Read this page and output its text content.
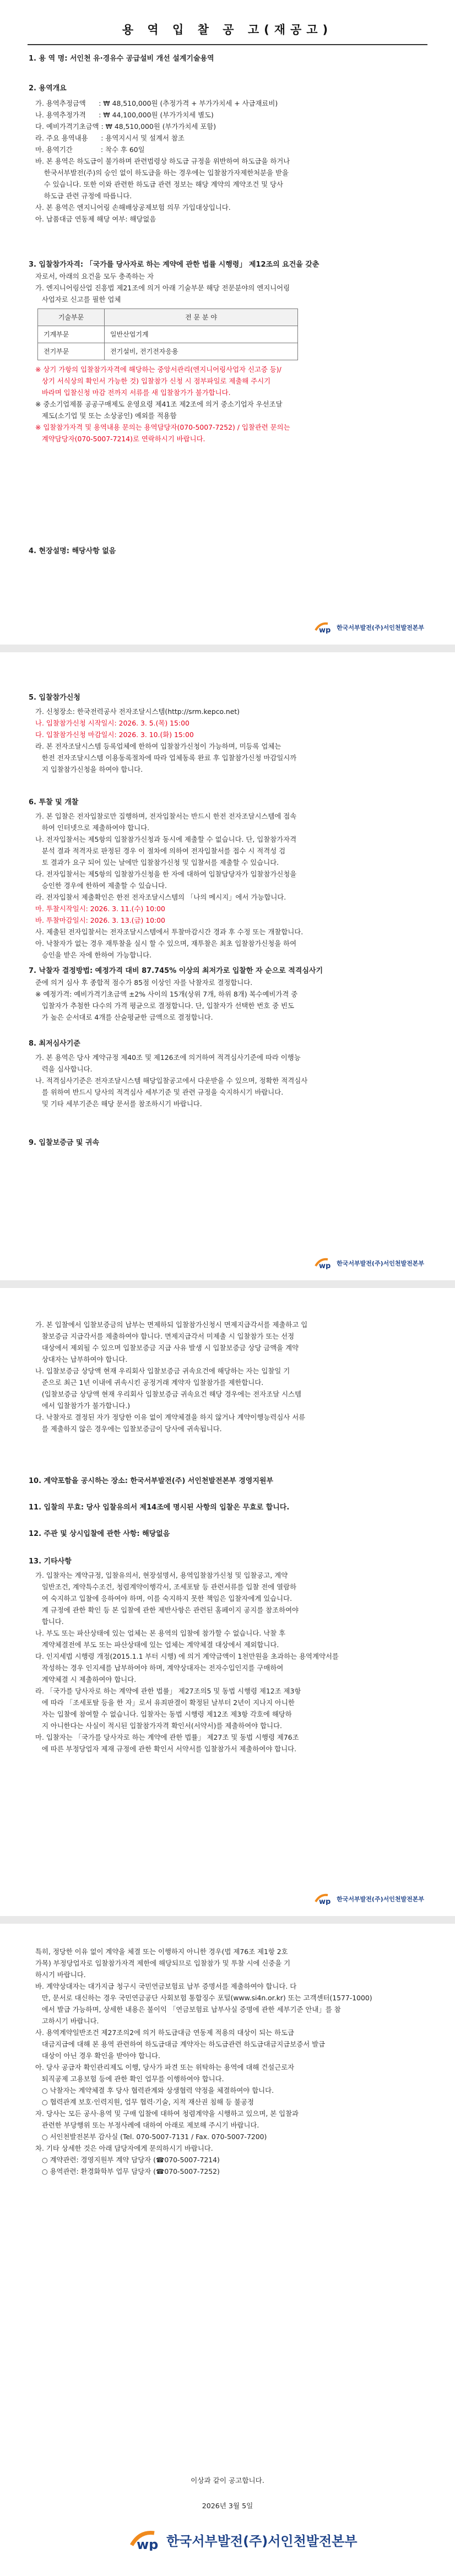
용 역 입 찰 공 고(재공고)

1. 용 역 명: 서인천 유·경유수 공급설비 개선 설계기술용역

2. 용역개요

가. 용역추정금액      : ₩ 48,510,000원 (추정가격 + 부가가치세 + 사급재료비)

나. 용역추정가격      : ₩ 44,100,000원 (부가가치세 별도)

다. 예비가격기초금액 : ₩ 48,510,000원 (부가가치세 포함)

라. 주요 용역내용      : 용역지시서 및 설계서 참조

마. 용역기간             : 착수 후 60일

바. 본 용역은 하도급이 불가하며 관련법령상 하도급 규정을 위반하여 하도급을 하거나

한국서부발전(주)의 승인 없이 하도급을 하는 경우에는 입찰참가자제한처분을 받을

수 있습니다. 또한 이와 관련한 하도급 관련 정보는 해당 계약의 계약조건 및 당사

하도급 관련 규정에 따릅니다.

사. 본 용역은 엔지니어링 손해배상공제보험 의무 가입대상입니다.

아. 납품대금 연동제 해당 여부: 해당없음

3. 입찰참가자격: 「국가를 당사자로 하는 계약에 관한 법률 시행령」 제12조의 요건을 갖춘

자로서, 아래의 요건을 모두 충족하는 자

가. 엔지니어링산업 진흥법 제21조에 의거 아래 기술부문 해당 전문분야의 엔지니어링

사업자로 신고를 필한 업체

기술부문	전 문 분 야
기계부문	일반산업기계
전기부문	전기설비, 전기전자응용

※ 상기 가항의 입찰참가자격에 해당하는 중앙서관리(엔지니어링사업자 신고증 등)/

상기 서식상의 확인서 가능한 것) 입찰참가 신청 시 점부파일로 제출해 주시기

바라며 입찰신청 마감 전까지 서류를 새 입찰참가가 불가합니다.

※ 중소기업제품 공공구매제도 운영요령 제41조 제2조에 의거 중소기업자 우선조달

제도(소기업 및 또는 소상공인) 예외를 적용함

※ 입찰참가자격 및 용역내용 문의는 용역담당자(070-5007-7252) / 입찰관련 문의는

계약담당자(070-5007-7214)로 연락하시기 바랍니다.

4. 현장설명: 해당사항 없음

wp 한국서부발전(주)서인천발전본부

5. 입찰참가신청

가. 신청장소: 한국전력공사 전자조달시스템(http://srm.kepco.net)

나. 입찰참가신청 시작일시: 2026. 3. 5.(목) 15:00

다. 입찰참가신청 마감일시: 2026. 3. 10.(화) 15:00

라. 본 전자조달시스템 등록업체에 한하여 입찰참가신청이 가능하며, 미등록 업체는

한전 전자조달시스템 이용동록절차에 따라 업체동록 완료 후 입찰참가신청 마감일시까

지 입찰참가신청을 하여야 합니다.

6. 투찰 및 개찰

가. 본 입찰은 전자입찰로만 집행하며, 전자입찰서는 반드시 한전 전자조달시스템에 접속

하여 인터넷으로 제출하여야 합니다.

나. 전자입찰서는 제5항의 입찰참가신청과 동시에 제출할 수 없습니다. 단, 입찰참가자격

분석 결과 적격자로 판정된 경우 이 절차에 의하여 전자입찰서를 접수 시 적격성 검

토 결과가 요구 되어 있는 날에만 입찰참가신청 및 입찰서를 제출할 수 있습니다.

다. 전자입찰서는 제5항의 입찰참가신청을 한 자에 대하여 입찰담당자가 입찰참가신청을

승인한 경우에 한하여 제출할 수 있습니다.

라. 전자입찰서 제출확인은 한전 전자조달시스템의 「나의 메시지」에서 가능합니다.

마. 투찰시작일시: 2026. 3. 11.(수) 10:00

바. 투찰마감일시: 2026. 3. 13.(금) 10:00

사. 제출된 전자입찰서는 전자조달시스템에서 투찰마감시간 경과 후 수정 또는 개찰합니다.

아. 낙찰자가 없는 경우 재투찰을 실시 할 수 있으며, 재투찰은 최초 입찰참가신청을 하여

승인을 받은 자에 한하여 가능합니다.

7. 낙찰자 결정방법: 예정가격 대비 87.745% 이상의 최저가로 입찰한 자 순으로 적격심사기

준에 의거 심사 후 종합적 점수가 85점 이상인 자를 낙찰자로 결정합니다.

※ 예정가격: 예비가격기초금액 ±2% 사이의 15개(상위 7개, 하위 8개) 복수예비가격 중

입찰자가 추첨한 다수의 가격 평균으로 결정합니다. 단, 입찰자가 선택한 번호 중 빈도

가 높은 순서대로 4개를 산술평균한 금액으로 결정합니다.

8. 최저심사기준

가. 본 용역은 당사 계약규정 제40조 및 제126조에 의거하여 적격심사기준에 따라 이행능

력을 심사합니다.

나. 적격심사기준은 전자조달시스템 해당입찰공고에서 다운받을 수 있으며, 정확한 적격심사

를 위하여 반드시 당사의 적격심사 세부기준 및 관련 규정을 숙지하시기 바랍니다.

및 기타 세부기준은 해당 문서를 참조하시기 바랍니다.

9. 입찰보증금 및 귀속

wp 한국서부발전(주)서인천발전본부

가. 본 입찰에서 입찰보증금의 납부는 면제하되 입찰참가신청시 면제지급각서를 제출하고 입

찰보증금 지급각서를 제출하여야 합니다. 면제지급각서 미제출 시 입찰참가 또는 선정

대상에서 제외될 수 있으며 입찰보증금 지급 사유 발생 시 입찰보증금 상당 금액을 계약

상대자는 납부하여야 합니다.

나. 입찰보증금 상당액 현재 우리회사 입찰보증금 귀속요건에 해당하는 자는 입찰일 기

준으로 최근 1년 이내에 귀속시킨 공정거래 계약자 입찰참가를 제한합니다.

(입찰보증금 상당액 현재 우리회사 입찰보증금 귀속요건 해당 경우에는 전자조달 시스템

에서 입찰참가가 불가합니다.)

다. 낙찰자로 결정된 자가 정당한 이유 없이 계약체결을 하지 않거나 계약이행능력심사 서류

를 제출하지 않은 경우에는 입찰보증금이 당사에 귀속됩니다.

10. 계약포함을 공시하는 장소: 한국서부발전(주) 서인천발전본부 경영지원부

11. 입찰의 무효: 당사 입찰유의서 제14조에 명시된 사항의 입찰은 무효로 합니다.

12. 주관 및 상시입찰에 관한 사항: 해당없음

13. 기타사항

가. 입찰자는 계약규정, 입찰유의서, 현장설명서, 용역입찰참가신청 및 입찰공고, 계약

일반조건, 계약특수조건, 청렴계약이행각서, 조세포탈 등 관련서류를 입찰 전에 열람하

여 숙지하고 입찰에 응하여야 하며, 이를 숙지하지 못한 책임은 입찰자에게 있습니다.

계 규정에 관한 확인 등 본 입찰에 관한 제반사항은 관련된 홈페이지 공지를 참조하여야

합니다.

나. 부도 또는 파산상태에 있는 업체는 본 용역의 입찰에 참가할 수 없습니다. 낙찰 후

계약체결전에 부도 또는 파산상태에 있는 업체는 계약체결 대상에서 제외합니다.

다. 인지세법 시행령 개정(2015.1.1 부터 시행) 에 의거 계약금액이 1천만원을 초과하는 용역계약서를

작성하는 경우 인지세를 납부하여야 하며, 계약상대자는 전자수입인지를 구매하여

계약체결 시 제출하여야 합니다.

라. 「국가를 당사자로 하는 계약에 관한 법률」 제27조의5 및 동법 시행령 제12조 제3항

에 따라 「조세포탈 등을 한 자」로서 유죄판결이 확정된 날부터 2년이 지나지 아니한

자는 입찰에 참여할 수 없습니다. 입찰자는 동법 시행령 제12조 제3항 각호에 해당하

지 아니한다는 사실이 적시된 입찰참가자격 확인서(서약서)를 제출하여야 합니다.

마. 입찰자는 「국가를 당사자로 하는 계약에 관한 법률」 제27조 및 동법 시행령 제76조

에 따른 부정당업자 제재 규정에 관한 확인서 서약서를 입찰참가서 제출하여야 합니다.

wp 한국서부발전(주)서인천발전본부

특히, 정당한 이유 없이 계약을 체결 또는 이행하지 아니한 경우(법 제76조 제1항 2호

가목) 부정당업자로 입찰참가자격 제한에 해당되므로 입찰참가 및 투찰 시에 신중을 기

하시기 바랍니다.

바. 계약상대자는 대가지급 청구시 국민연금보험료 납부 증명서를 제출하여야 합니다. 다

만, 문서로 대신하는 경우 국민연금공단 사회보험 통합징수 포털(www.si4n.or.kr) 또는 고객센터(1577-1000)

에서 발급 가능하며, 상세한 내용은 불이익 「연금보험료 납부사실 증명에 관한 세부기준 안내」를 참

고하시기 바랍니다.

사. 용역계약일반조건 제27조의2에 의거 하도급대금 연동제 적용의 대상이 되는 하도급

대금지급에 대해 본 용역 관련하여 하도급대금 계약자는 하도급관련 하도급대금지급보증서 발급

대상이 아닌 경우 확인을 받아야 합니다.

아. 당사 공급자 확인관리제도 이행, 당사가 파견 또는 위탁하는 용역에 대해 건설근로자

퇴직공제 고용보험 등에 관한 확인 업무를 이행하여야 합니다.

○ 낙찰자는 계약체결 후 당사 협력관계와 상생협력 약정을 체결하여야 합니다.

○ 협력관계 보호·인력지원, 업무 협력·기술, 지적 재산권 침해 등 불공정

자. 당사는 모든 공사·용역 및 구매 입찰에 대하여 청렴계약을 시행하고 있으며, 본 입찰과

관련한 부당행위 또는 부정사례에 대하여 아래로 제보해 주시기 바랍니다.

○ 서인천발전본부 감사실 (Tel. 070-5007-7131 / Fax. 070-5007-7200)

차. 기타 상세한 것은 아래 담당자에게 문의하시기 바랍니다.

○ 계약관련: 경영지원부 계약 담당자 (☎070-5007-7214)

○ 용역관련: 환경화학부 업무 담당자 (☎070-5007-7252)

이상과 같이 공고합니다.
2026년 3월 5일
wp 한국서부발전(주)서인천발전본부
